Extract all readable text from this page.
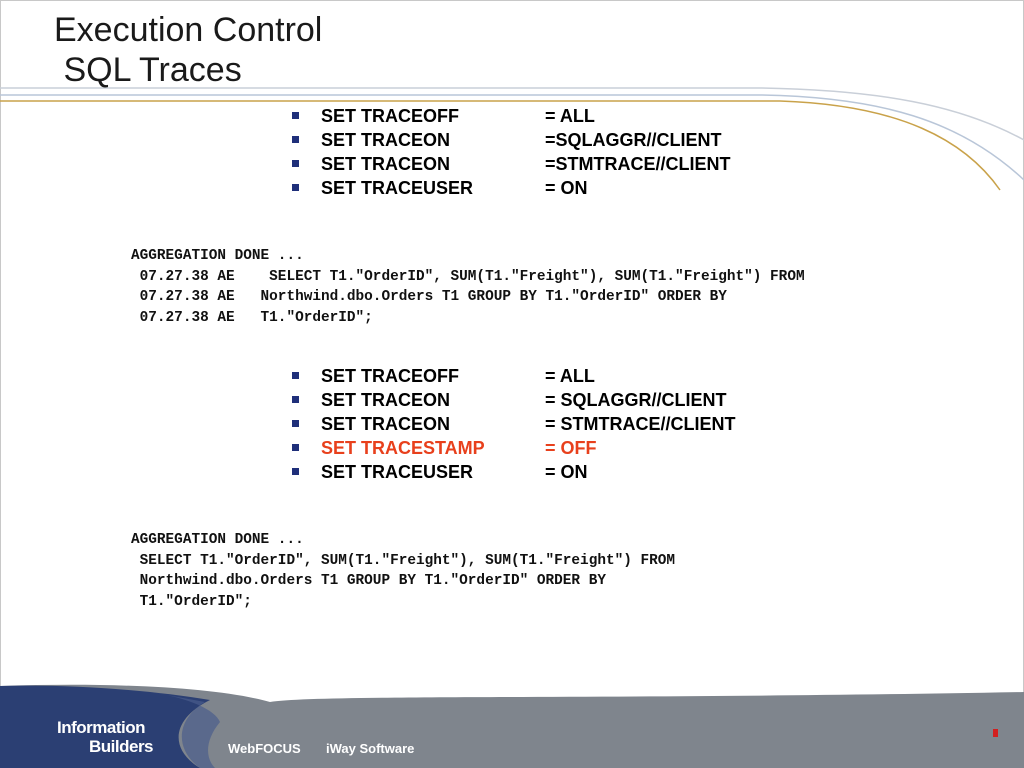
Execution Control
SQL Traces
SET TRACEOFF	= ALL
SET TRACEON	=SQLAGGR//CLIENT
SET TRACEON	=STMTRACE//CLIENT
SET TRACEUSER	= ON
AGGREGATION DONE ...
07.27.38 AE    SELECT T1."OrderID", SUM(T1."Freight"), SUM(T1."Freight") FROM
07.27.38 AE   Northwind.dbo.Orders T1 GROUP BY T1."OrderID" ORDER BY
07.27.38 AE   T1."OrderID";
SET TRACEOFF	= ALL
SET TRACEON	= SQLAGGR//CLIENT
SET TRACEON	= STMTRACE//CLIENT
SET TRACESTAMP	= OFF
SET TRACEUSER	= ON
AGGREGATION DONE ...
SELECT T1."OrderID", SUM(T1."Freight"), SUM(T1."Freight") FROM
Northwind.dbo.Orders T1 GROUP BY T1."OrderID" ORDER BY
T1."OrderID";
Information
Builders	WebFOCUS iWay Software
